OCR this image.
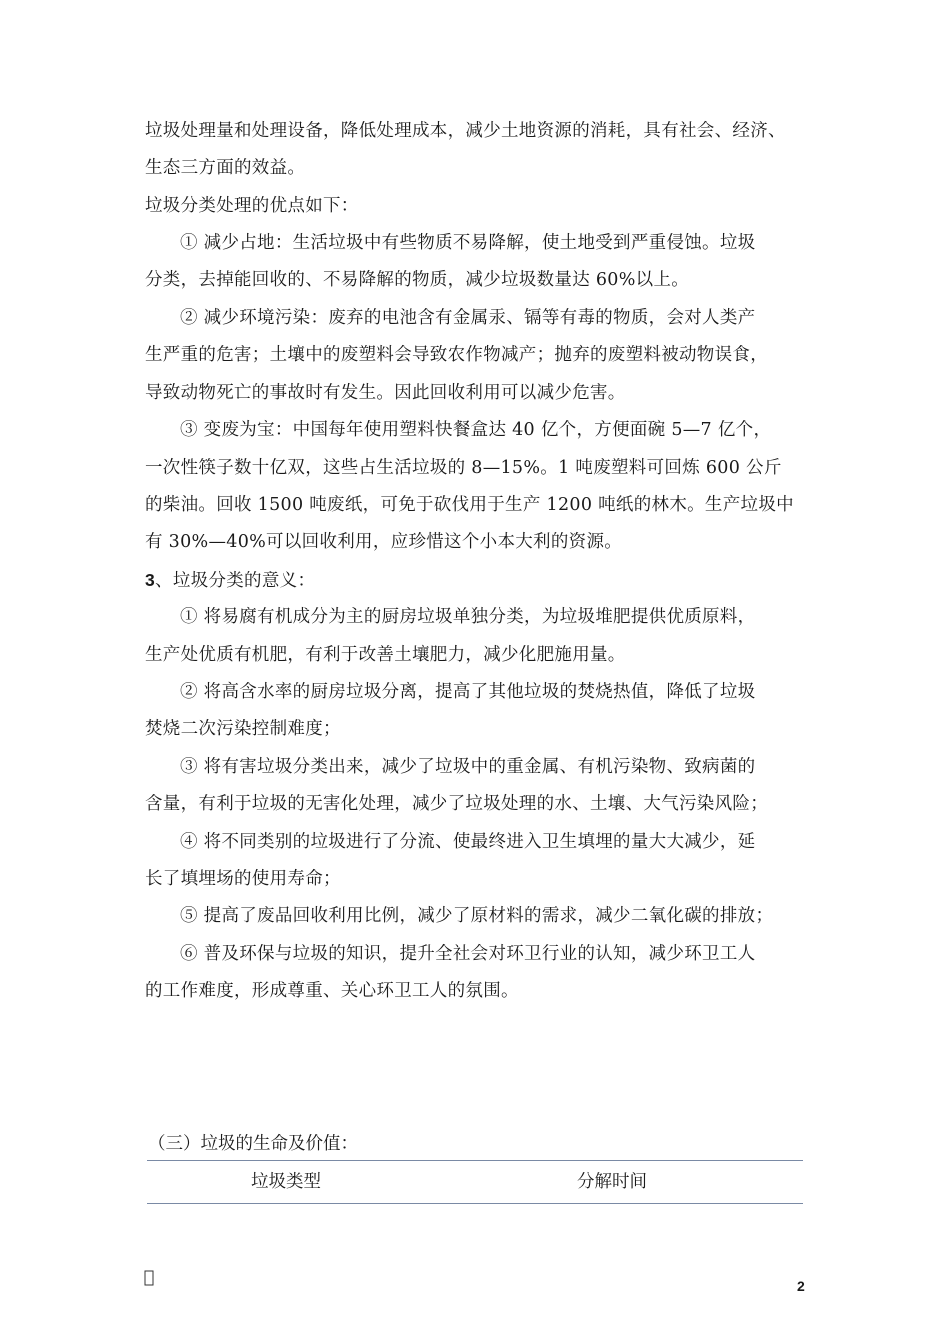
垃圾处理量和处理设备，降低处理成本，减少土地资源的消耗，具有社会、经济、
生态三方面的效益。
垃圾分类处理的优点如下：
① 减少占地：生活垃圾中有些物质不易降解，使土地受到严重侵蚀。垃圾
分类，去掉能回收的、不易降解的物质，减少垃圾数量达 60%以上。
② 减少环境污染：废弃的电池含有金属汞、镉等有毒的物质，会对人类产
生严重的危害；土壤中的废塑料会导致农作物减产；抛弃的废塑料被动物误食，
导致动物死亡的事故时有发生。因此回收利用可以减少危害。
③ 变废为宝：中国每年使用塑料快餐盒达 40 亿个，方便面碗 5—7 亿个，
一次性筷子数十亿双，这些占生活垃圾的 8—15%。1 吨废塑料可回炼 600 公斤
的柴油。回收 1500 吨废纸，可免于砍伐用于生产 1200 吨纸的林木。生产垃圾中
有 30%—40%可以回收利用，应珍惜这个小本大利的资源。
3、垃圾分类的意义：
① 将易腐有机成分为主的厨房垃圾单独分类，为垃圾堆肥提供优质原料，
生产处优质有机肥，有利于改善土壤肥力，减少化肥施用量。
② 将高含水率的厨房垃圾分离，提高了其他垃圾的焚烧热值，降低了垃圾
焚烧二次污染控制难度；
③ 将有害垃圾分类出来，减少了垃圾中的重金属、有机污染物、致病菌的
含量，有利于垃圾的无害化处理，减少了垃圾处理的水、土壤、大气污染风险；
④ 将不同类别的垃圾进行了分流、使最终进入卫生填埋的量大大减少，延
长了填埋场的使用寿命；
⑤ 提高了废品回收利用比例，减少了原材料的需求，减少二氧化碳的排放；
⑥ 普及环保与垃圾的知识，提升全社会对环卫行业的认知，减少环卫工人
的工作难度，形成尊重、关心环卫工人的氛围。
（三）垃圾的生命及价值：
垃圾类型	分解时间
2
